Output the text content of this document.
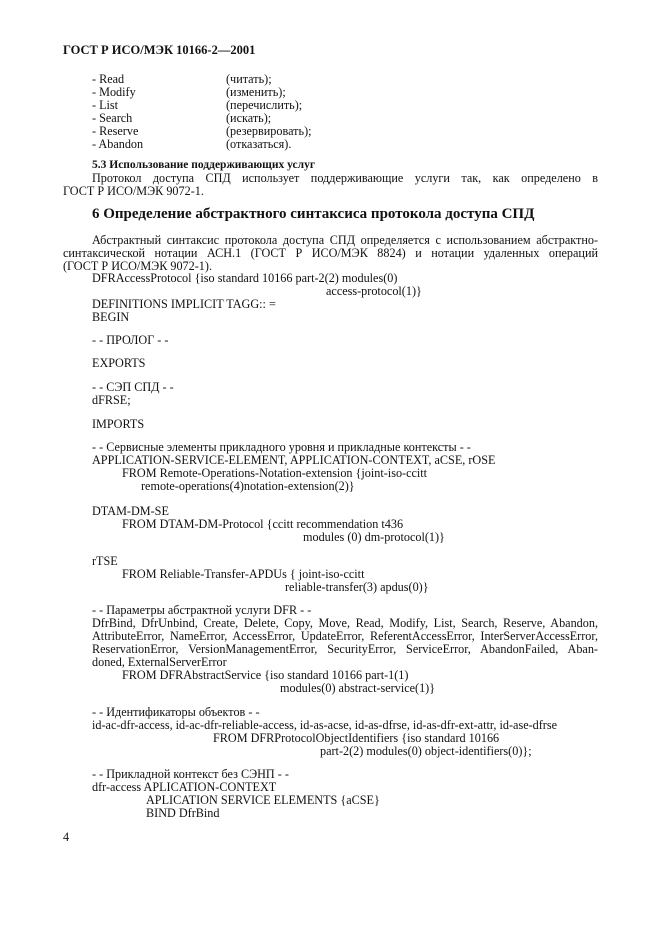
ГОСТ Р ИСО/МЭК 10166-2—2001
- Read	(читать);
- Modify	(изменить);
- List	(перечислить);
- Search	(искать);
- Reserve	(резервировать);
- Abandon	(отказаться).
5.3 Использование поддерживающих услуг
Протокол доступа СПД использует поддерживающие услуги так, как определено в
ГОСТ Р ИСО/МЭК 9072-1.
6 Определение абстрактного синтаксиса протокола доступа СПД
Абстрактный синтаксис протокола доступа СПД определяется с использованием абстрактно-
синтаксической нотации АСН.1 (ГОСТ Р ИСО/МЭК 8824) и нотации удаленных операций
(ГОСТ Р ИСО/МЭК 9072-1).
DFRAccessProtocol {iso standard 10166 part-2(2) modules(0)
access-protocol(1)}
DEFINITIONS IMPLICIT TAGG:: =
BEGIN
- - ПРОЛОГ - -
EXPORTS
- - СЭП СПД - -
dFRSE;
IMPORTS
- - Сервисные элементы прикладного уровня и прикладные контексты - -
APPLICATION-SERVICE-ELEMENT, APPLICATION-CONTEXT, aCSE, rOSE
FROM Remote-Operations-Notation-extension {joint-iso-ccitt
remote-operations(4)notation-extension(2)}
DTAM-DM-SE
FROM DTAM-DM-Protocol {ccitt recommendation t436
modules (0) dm-protocol(1)}
rTSE
FROM Reliable-Transfer-APDUs { joint-iso-ccitt
reliable-transfer(3) apdus(0)}
- - Параметры абстрактной услуги DFR - -
DfrBind, DfrUnbind, Create, Delete, Copy, Move, Read, Modify, List, Search, Reserve, Abandon,
AttributeError, NameError, AccessError, UpdateError, ReferentAccessError, InterServerAccessError,
ReservationError, VersionManagementError, SecurityError, ServiceError, AbandonFailed, Aban-
doned, ExternalServerError
FROM DFRAbstractService {iso standard 10166 part-1(1)
modules(0) abstract-service(1)}
- - Идентификаторы объектов - -
id-ac-dfr-access, id-ac-dfr-reliable-access, id-as-acse, id-as-dfrse, id-as-dfr-ext-attr, id-ase-dfrse
FROM DFRProtocolObjectIdentifiers {iso standard 10166
part-2(2) modules(0) object-identifiers(0)};
- - Прикладной контекст без СЭНП - -
dfr-access APLICATION-CONTEXT
APLICATION SERVICE ELEMENTS {aCSE}
BIND DfrBind
4
